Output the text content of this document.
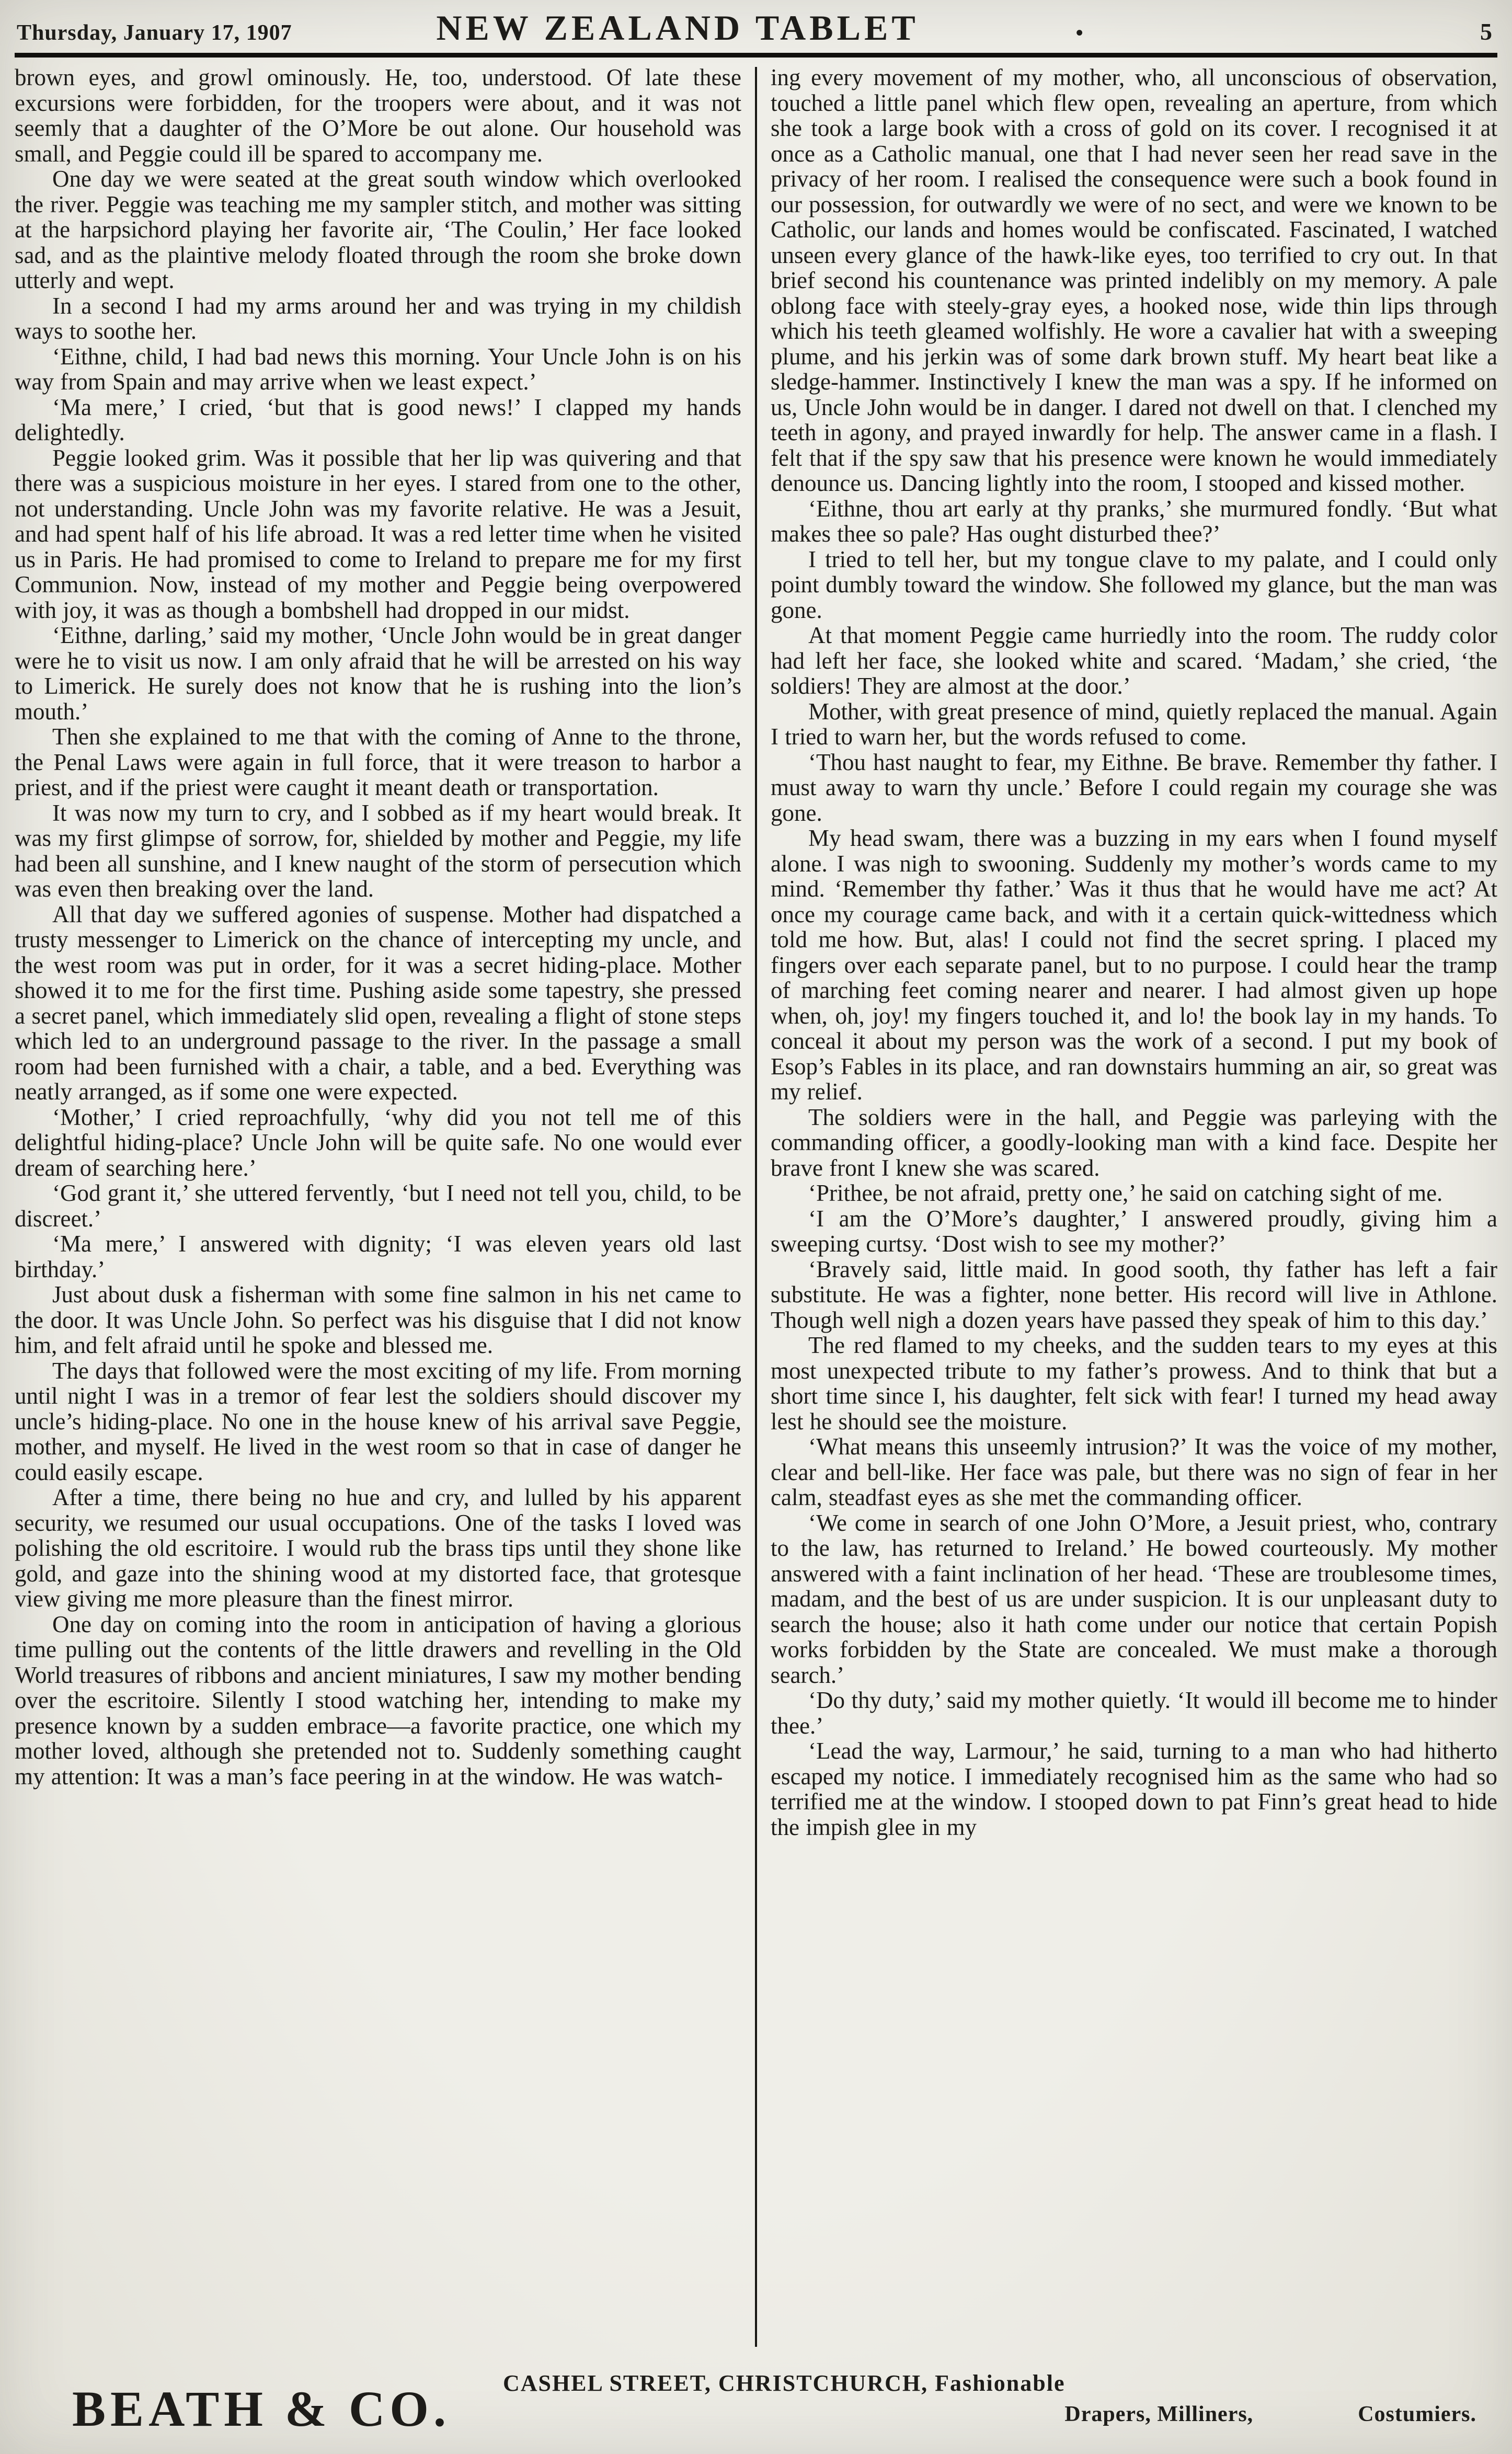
Thursday, January 17, 1907	NEW ZEALAND TABLET	•	5

brown eyes, and growl ominously. He, too, understood. Of late these excursions were forbidden, for the troopers were about, and it was not seemly that a daughter of the O’More be out alone. Our household was small, and Peggie could ill be spared to accompany me.

One day we were seated at the great south window which overlooked the river. Peggie was teaching me my sampler stitch, and mother was sitting at the harpsichord playing her favorite air, ‘The Coulin,’ Her face looked sad, and as the plaintive melody floated through the room she broke down utterly and wept.

In a second I had my arms around her and was trying in my childish ways to soothe her.

‘Eithne, child, I had bad news this morning. Your Uncle John is on his way from Spain and may arrive when we least expect.’

‘Ma mere,’ I cried, ‘but that is good news!’ I clapped my hands delightedly.

Peggie looked grim. Was it possible that her lip was quivering and that there was a suspicious moisture in her eyes. I stared from one to the other, not understanding. Uncle John was my favorite relative. He was a Jesuit, and had spent half of his life abroad. It was a red letter time when he visited us in Paris. He had promised to come to Ireland to prepare me for my first Communion. Now, instead of my mother and Peggie being overpowered with joy, it was as though a bombshell had dropped in our midst.

‘Eithne, darling,’ said my mother, ‘Uncle John would be in great danger were he to visit us now. I am only afraid that he will be arrested on his way to Limerick. He surely does not know that he is rushing into the lion’s mouth.’

Then she explained to me that with the coming of Anne to the throne, the Penal Laws were again in full force, that it were treason to harbor a priest, and if the priest were caught it meant death or transportation.

It was now my turn to cry, and I sobbed as if my heart would break. It was my first glimpse of sorrow, for, shielded by mother and Peggie, my life had been all sunshine, and I knew naught of the storm of persecution which was even then breaking over the land.

All that day we suffered agonies of suspense. Mother had dispatched a trusty messenger to Limerick on the chance of intercepting my uncle, and the west room was put in order, for it was a secret hiding-place. Mother showed it to me for the first time. Pushing aside some tapestry, she pressed a secret panel, which immediately slid open, revealing a flight of stone steps which led to an underground passage to the river. In the passage a small room had been furnished with a chair, a table, and a bed. Everything was neatly arranged, as if some one were expected.

‘Mother,’ I cried reproachfully, ‘why did you not tell me of this delightful hiding-place? Uncle John will be quite safe. No one would ever dream of searching here.’

‘God grant it,’ she uttered fervently, ‘but I need not tell you, child, to be discreet.’

‘Ma mere,’ I answered with dignity; ‘I was eleven years old last birthday.’

Just about dusk a fisherman with some fine salmon in his net came to the door. It was Uncle John. So perfect was his disguise that I did not know him, and felt afraid until he spoke and blessed me.

The days that followed were the most exciting of my life. From morning until night I was in a tremor of fear lest the soldiers should discover my uncle’s hiding-place. No one in the house knew of his arrival save Peggie, mother, and myself. He lived in the west room so that in case of danger he could easily escape.

After a time, there being no hue and cry, and lulled by his apparent security, we resumed our usual occupations. One of the tasks I loved was polishing the old escritoire. I would rub the brass tips until they shone like gold, and gaze into the shining wood at my distorted face, that grotesque view giving me more pleasure than the finest mirror.

One day on coming into the room in anticipation of having a glorious time pulling out the contents of the little drawers and revelling in the Old World treasures of ribbons and ancient miniatures, I saw my mother bending over the escritoire. Silently I stood watching her, intending to make my presence known by a sudden embrace—a favorite practice, one which my mother loved, although she pretended not to. Suddenly something caught my attention: It was a man’s face peering in at the window. He was watch-

ing every movement of my mother, who, all unconscious of observation, touched a little panel which flew open, revealing an aperture, from which she took a large book with a cross of gold on its cover. I recognised it at once as a Catholic manual, one that I had never seen her read save in the privacy of her room. I realised the consequence were such a book found in our possession, for outwardly we were of no sect, and were we known to be Catholic, our lands and homes would be confiscated. Fascinated, I watched unseen every glance of the hawk-like eyes, too terrified to cry out. In that brief second his countenance was printed indelibly on my memory. A pale oblong face with steely-gray eyes, a hooked nose, wide thin lips through which his teeth gleamed wolfishly. He wore a cavalier hat with a sweeping plume, and his jerkin was of some dark brown stuff. My heart beat like a sledge-hammer. Instinctively I knew the man was a spy. If he informed on us, Uncle John would be in danger. I dared not dwell on that. I clenched my teeth in agony, and prayed inwardly for help. The answer came in a flash. I felt that if the spy saw that his presence were known he would immediately denounce us. Dancing lightly into the room, I stooped and kissed mother.

‘Eithne, thou art early at thy pranks,’ she murmured fondly. ‘But what makes thee so pale? Has ought disturbed thee?’

I tried to tell her, but my tongue clave to my palate, and I could only point dumbly toward the window. She followed my glance, but the man was gone.

At that moment Peggie came hurriedly into the room. The ruddy color had left her face, she looked white and scared. ‘Madam,’ she cried, ‘the soldiers! They are almost at the door.’

Mother, with great presence of mind, quietly replaced the manual. Again I tried to warn her, but the words refused to come.

‘Thou hast naught to fear, my Eithne. Be brave. Remember thy father. I must away to warn thy uncle.’ Before I could regain my courage she was gone.

My head swam, there was a buzzing in my ears when I found myself alone. I was nigh to swooning. Suddenly my mother’s words came to my mind. ‘Remember thy father.’ Was it thus that he would have me act? At once my courage came back, and with it a certain quick-wittedness which told me how. But, alas! I could not find the secret spring. I placed my fingers over each separate panel, but to no purpose. I could hear the tramp of marching feet coming nearer and nearer. I had almost given up hope when, oh, joy! my fingers touched it, and lo! the book lay in my hands. To conceal it about my person was the work of a second. I put my book of Esop’s Fables in its place, and ran downstairs humming an air, so great was my relief.

The soldiers were in the hall, and Peggie was parleying with the commanding officer, a goodly-looking man with a kind face. Despite her brave front I knew she was scared.

‘Prithee, be not afraid, pretty one,’ he said on catching sight of me.

‘I am the O’More’s daughter,’ I answered proudly, giving him a sweeping curtsy. ‘Dost wish to see my mother?’

‘Bravely said, little maid. In good sooth, thy father has left a fair substitute. He was a fighter, none better. His record will live in Athlone. Though well nigh a dozen years have passed they speak of him to this day.’

The red flamed to my cheeks, and the sudden tears to my eyes at this most unexpected tribute to my father’s prowess. And to think that but a short time since I, his daughter, felt sick with fear! I turned my head away lest he should see the moisture.

‘What means this unseemly intrusion?’ It was the voice of my mother, clear and bell-like. Her face was pale, but there was no sign of fear in her calm, steadfast eyes as she met the commanding officer.

‘We come in search of one John O’More, a Jesuit priest, who, contrary to the law, has returned to Ireland.’ He bowed courteously. My mother answered with a faint inclination of her head. ‘These are troublesome times, madam, and the best of us are under suspicion. It is our unpleasant duty to search the house; also it hath come under our notice that certain Popish works forbidden by the State are concealed. We must make a thorough search.’

‘Do thy duty,’ said my mother quietly. ‘It would ill become me to hinder thee.’

‘Lead the way, Larmour,’ he said, turning to a man who had hitherto escaped my notice. I immediately recognised him as the same who had so terrified me at the window. I stooped down to pat Finn’s great head to hide the impish glee in my

BEATH & CO. CASHEL STREET, CHRISTCHURCH, Fashionable
Drapers, Milliners,	Costumiers.
